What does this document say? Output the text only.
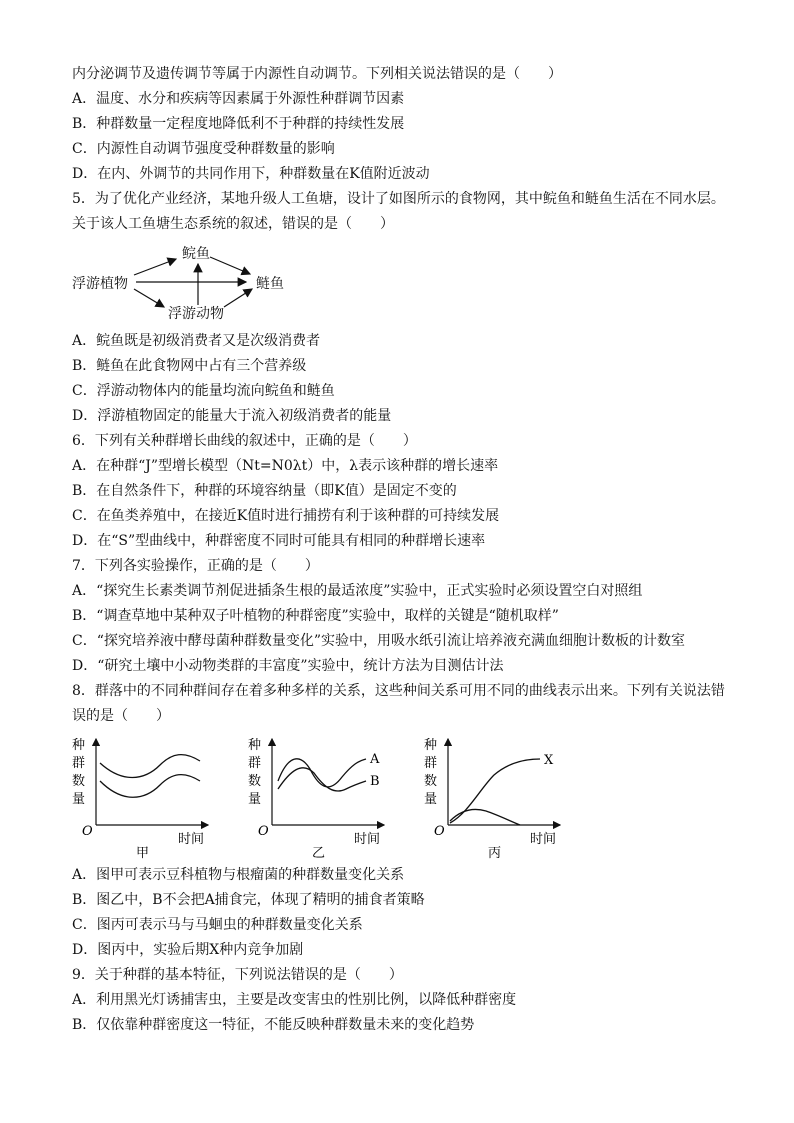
内分泌调节及遗传调节等属于内源性自动调节。下列相关说法错误的是（　　）
A．温度、水分和疾病等因素属于外源性种群调节因素
B．种群数量一定程度地降低利不于种群的持续性发展
C．内源性自动调节强度受种群数量的影响
D．在内、外调节的共同作用下，种群数量在K值附近波动
5．为了优化产业经济，某地升级人工鱼塘，设计了如图所示的食物网，其中鲩鱼和鲢鱼生活在不同水层。
关于该人工鱼塘生态系统的叙述，错误的是（　　）
浮游植物
鲩鱼
鲢鱼
浮游动物
A．鲩鱼既是初级消费者又是次级消费者
B．鲢鱼在此食物网中占有三个营养级
C．浮游动物体内的能量均流向鲩鱼和鲢鱼
D．浮游植物固定的能量大于流入初级消费者的能量
6．下列有关种群增长曲线的叙述中，正确的是（　　）
A．在种群“J”型增长模型（Nt=N0λt）中，λ表示该种群的增长速率
B．在自然条件下，种群的环境容纳量（即K值）是固定不变的
C．在鱼类养殖中，在接近K值时进行捕捞有利于该种群的可持续发展
D．在“S”型曲线中，种群密度不同时可能具有相同的种群增长速率
7．下列各实验操作，正确的是（　　）
A．“探究生长素类调节剂促进插条生根的最适浓度”实验中，正式实验时必须设置空白对照组
B．“调查草地中某种双子叶植物的种群密度”实验中，取样的关键是“随机取样”
C．“探究培养液中酵母菌种群数量变化”实验中，用吸水纸引流让培养液充满血细胞计数板的计数室
D．“研究土壤中小动物类群的丰富度”实验中，统计方法为目测估计法
8．群落中的不同种群间存在着多种多样的关系，这些种间关系可用不同的曲线表示出来。下列有关说法错
误的是（　　）
种
群
数
量
O
时间
甲
种
群
数
量
O
时间
乙
A
B
种
群
数
量
O
时间
丙
X
A．图甲可表示豆科植物与根瘤菌的种群数量变化关系
B．图乙中，B不会把A捕食完，体现了精明的捕食者策略
C．图丙可表示马与马蛔虫的种群数量变化关系
D．图丙中，实验后期X种内竞争加剧
9．关于种群的基本特征，下列说法错误的是（　　）
A．利用黑光灯诱捕害虫，主要是改变害虫的性别比例，以降低种群密度
B．仅依靠种群密度这一特征，不能反映种群数量未来的变化趋势
